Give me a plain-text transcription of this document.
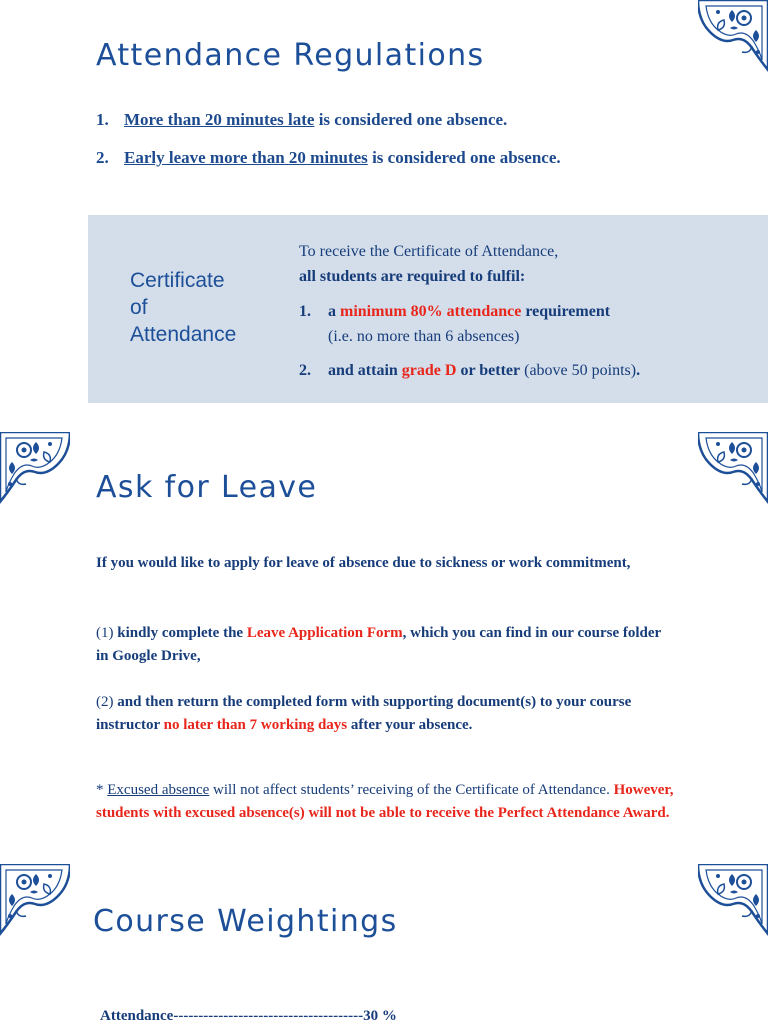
Attendance Regulations
1. More than 20 minutes late is considered one absence.
2. Early leave more than 20 minutes is considered one absence.
Certificate
of
Attendance
To receive the Certificate of Attendance,
all students are required to fulfil:
1. a minimum 80% attendance requirement
(i.e. no more than 6 absences)
2. and attain grade D or better (above 50 points).
Ask for Leave

If you would like to apply for leave of absence due to sickness or work commitment,

(1) kindly complete the Leave Application Form, which you can find in our course folder in Google Drive,

(2) and then return the completed form with supporting document(s) to your course instructor no later than 7 working days after your absence.

* Excused absence will not affect students’ receiving of the Certificate of Attendance. However, students with excused absence(s) will not be able to receive the Perfect Attendance Award.

Course Weightings
Attendance--------------------------------------30 %
